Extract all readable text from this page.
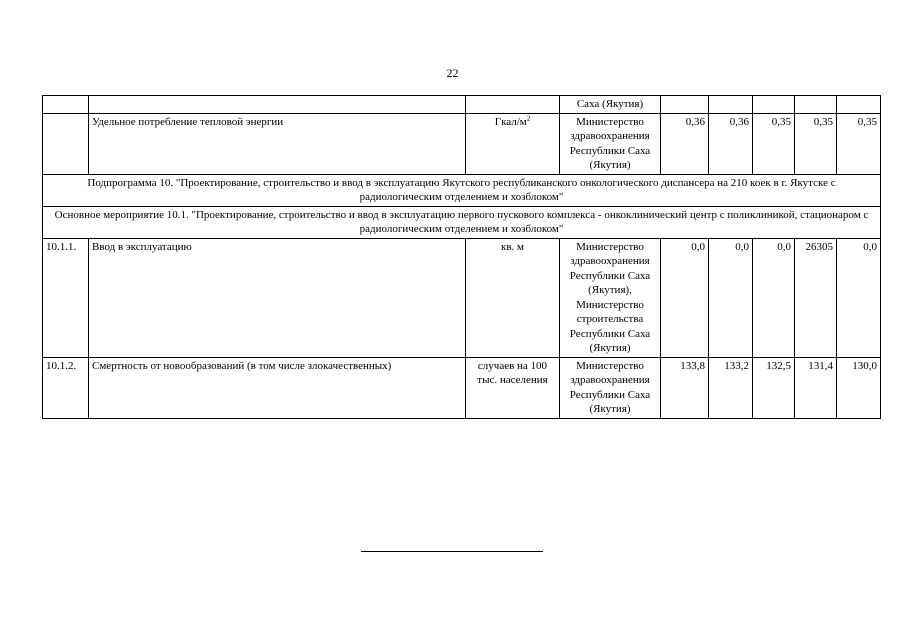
22
			Саха (Якутия)					
	Удельное потребление тепловой энергии	Гкал/$м^2$	Министерство здравоохранения Республики Саха (Якутия)	0,36	0,36	0,35	0,35	0,35
Подпрограмма 10. "Проектирование, строительство и ввод в эксплуатацию Якутского республиканского онкологического диспансера на 210 коек в г. Якутске с радиологическим отделением и хозблоком"								
Основное мероприятие 10.1. "Проектирование, строительство и ввод в эксплуатацию первого пускового комплекса - онкоклинический центр с поликлиникой, стационаром с радиологическим отделением и хозблоком"								
10.1.1.	Ввод в эксплуатацию	кв. м	Министерство здравоохранения Республики Саха (Якутия), Министерство строительства Республики Саха (Якутия)	0,0	0,0	0,0	26305	0,0
10.1.2.	Смертность от новообразований (в том числе злокачественных)	случаев на 100 тыс. населения	Министерство здравоохранения Республики Саха (Якутия)	133,8	133,2	132,5	131,4	130,0
